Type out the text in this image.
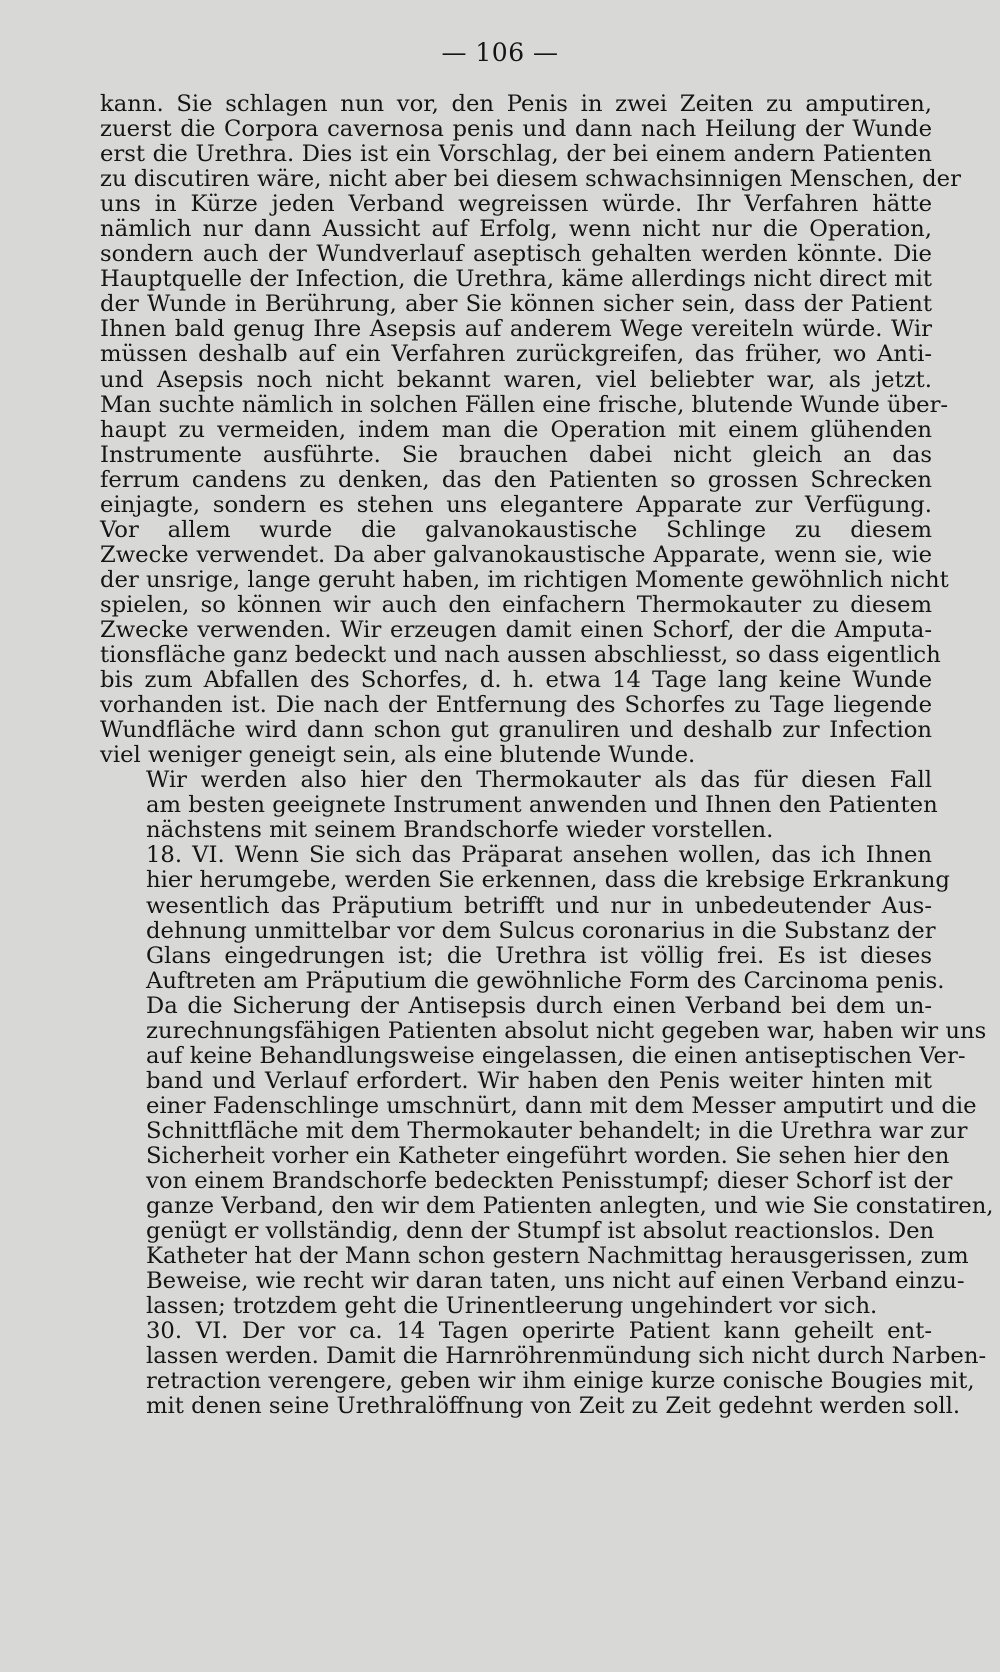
— 106 —

kann. Sie schlagen nun vor, den Penis in zwei Zeiten zu amputiren,
zuerst die Corpora cavernosa penis und dann nach Heilung der Wunde
erst die Urethra. Dies ist ein Vorschlag, der bei einem andern Patienten
zu discutiren wäre, nicht aber bei diesem schwachsinnigen Menschen, der
uns in Kürze jeden Verband wegreissen würde. Ihr Verfahren hätte
nämlich nur dann Aussicht auf Erfolg, wenn nicht nur die Operation,
sondern auch der Wundverlauf aseptisch gehalten werden könnte. Die
Hauptquelle der Infection, die Urethra, käme allerdings nicht direct mit
der Wunde in Berührung, aber Sie können sicher sein, dass der Patient
Ihnen bald genug Ihre Asepsis auf anderem Wege vereiteln würde. Wir
müssen deshalb auf ein Verfahren zurückgreifen, das früher, wo Anti-
und Asepsis noch nicht bekannt waren, viel beliebter war, als jetzt.
Man suchte nämlich in solchen Fällen eine frische, blutende Wunde über-
haupt zu vermeiden, indem man die Operation mit einem glühenden
Instrumente ausführte. Sie brauchen dabei nicht gleich an das
ferrum candens zu denken, das den Patienten so grossen Schrecken
einjagte, sondern es stehen uns elegantere Apparate zur Verfügung.
Vor allem wurde die galvanokaustische Schlinge zu diesem
Zwecke verwendet. Da aber galvanokaustische Apparate, wenn sie, wie
der unsrige, lange geruht haben, im richtigen Momente gewöhnlich nicht
spielen, so können wir auch den einfachern Thermokauter zu diesem
Zwecke verwenden. Wir erzeugen damit einen Schorf, der die Amputa-
tionsfläche ganz bedeckt und nach aussen abschliesst, so dass eigentlich
bis zum Abfallen des Schorfes, d. h. etwa 14 Tage lang keine Wunde
vorhanden ist. Die nach der Entfernung des Schorfes zu Tage liegende
Wundfläche wird dann schon gut granuliren und deshalb zur Infection
viel weniger geneigt sein, als eine blutende Wunde.

Wir werden also hier den Thermokauter als das für diesen Fall
am besten geeignete Instrument anwenden und Ihnen den Patienten
nächstens mit seinem Brandschorfe wieder vorstellen.

18. VI. Wenn Sie sich das Präparat ansehen wollen, das ich Ihnen
hier herumgebe, werden Sie erkennen, dass die krebsige Erkrankung
wesentlich das Präputium betrifft und nur in unbedeutender Aus-
dehnung unmittelbar vor dem Sulcus coronarius in die Substanz der
Glans eingedrungen ist; die Urethra ist völlig frei. Es ist dieses
Auftreten am Präputium die gewöhnliche Form des Carcinoma penis.

Da die Sicherung der Antisepsis durch einen Verband bei dem un-
zurechnungsfähigen Patienten absolut nicht gegeben war, haben wir uns
auf keine Behandlungsweise eingelassen, die einen antiseptischen Ver-
band und Verlauf erfordert. Wir haben den Penis weiter hinten mit
einer Fadenschlinge umschnürt, dann mit dem Messer amputirt und die
Schnittfläche mit dem Thermokauter behandelt; in die Urethra war zur
Sicherheit vorher ein Katheter eingeführt worden. Sie sehen hier den
von einem Brandschorfe bedeckten Penisstumpf; dieser Schorf ist der
ganze Verband, den wir dem Patienten anlegten, und wie Sie constatiren,
genügt er vollständig, denn der Stumpf ist absolut reactionslos. Den
Katheter hat der Mann schon gestern Nachmittag herausgerissen, zum
Beweise, wie recht wir daran taten, uns nicht auf einen Verband einzu-
lassen; trotzdem geht die Urinentleerung ungehindert vor sich.

30. VI. Der vor ca. 14 Tagen operirte Patient kann geheilt ent-
lassen werden. Damit die Harnröhrenmündung sich nicht durch Narben-
retraction verengere, geben wir ihm einige kurze conische Bougies mit,
mit denen seine Urethralöffnung von Zeit zu Zeit gedehnt werden soll.
